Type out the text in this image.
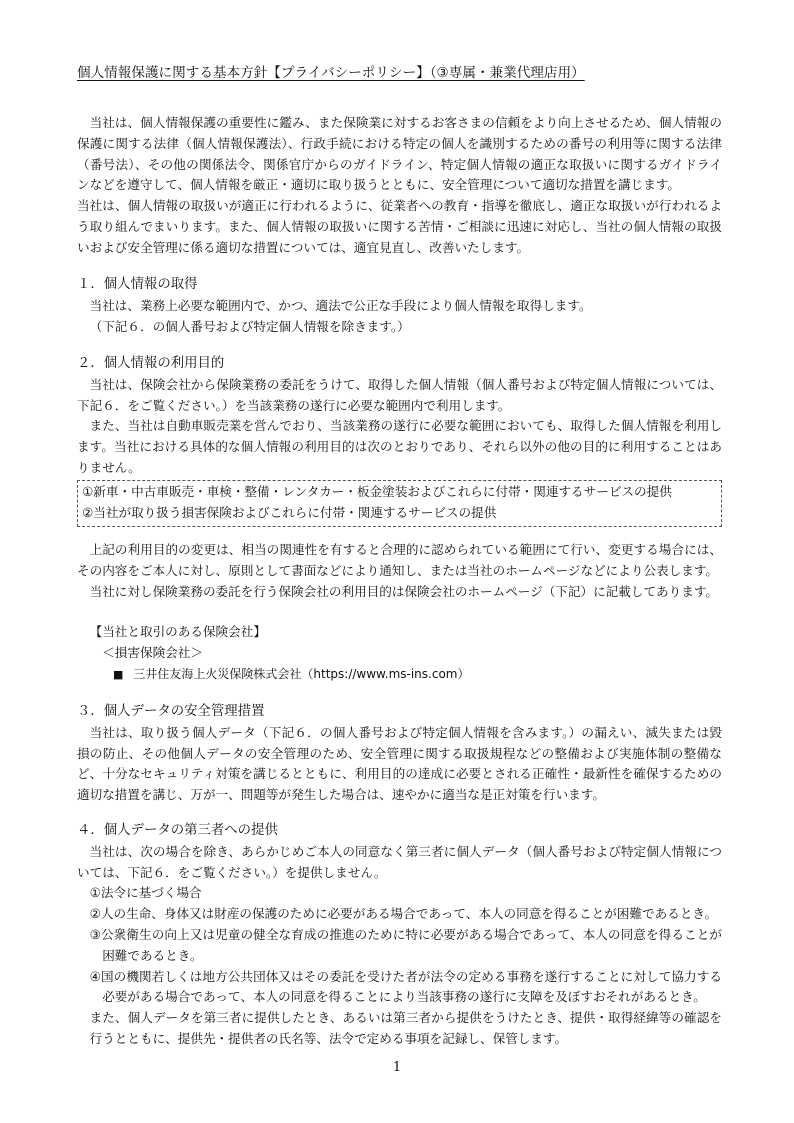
個人情報保護に関する基本方針【プライバシーポリシー】（③専属・兼業代理店用）

当社は、個人情報保護の重要性に鑑み、また保険業に対するお客さまの信頼をより向上させるため、個人情報の保護に関する法律（個人情報保護法）、行政手続における特定の個人を識別するための番号の利用等に関する法律（番号法）、その他の関係法令、関係官庁からのガイドライン、特定個人情報の適正な取扱いに関するガイドラインなどを遵守して、個人情報を厳正・適切に取り扱うとともに、安全管理について適切な措置を講じます。

当社は、個人情報の取扱いが適正に行われるように、従業者への教育・指導を徹底し、適正な取扱いが行われるよう取り組んでまいります。また、個人情報の取扱いに関する苦情・ご相談に迅速に対応し、当社の個人情報の取扱いおよび安全管理に係る適切な措置については、適宜見直し、改善いたします。

１．個人情報の取得

当社は、業務上必要な範囲内で、かつ、適法で公正な手段により個人情報を取得します。

（下記６．の個人番号および特定個人情報を除きます。）

２．個人情報の利用目的

当社は、保険会社から保険業務の委託をうけて、取得した個人情報（個人番号および特定個人情報については、下記６．をご覧ください。）を当該業務の遂行に必要な範囲内で利用します。

また、当社は自動車販売業を営んでおり、当該業務の遂行に必要な範囲においても、取得した個人情報を利用します。当社における具体的な個人情報の利用目的は次のとおりであり、それら以外の他の目的に利用することはありません。

①新車・中古車販売・車検・整備・レンタカー・板金塗装およびこれらに付帯・関連するサービスの提供

②当社が取り扱う損害保険およびこれらに付帯・関連するサービスの提供

上記の利用目的の変更は、相当の関連性を有すると合理的に認められている範囲にて行い、変更する場合には、その内容をご本人に対し、原則として書面などにより通知し、または当社のホームページなどにより公表します。

当社に対し保険業務の委託を行う保険会社の利用目的は保険会社のホームページ（下記）に記載してあります。

【当社と取引のある保険会社】

＜損害保険会社＞

■ 三井住友海上火災保険株式会社（https://www.ms-ins.com）

３．個人データの安全管理措置

当社は、取り扱う個人データ（下記６．の個人番号および特定個人情報を含みます。）の漏えい、滅失または毀損の防止、その他個人データの安全管理のため、安全管理に関する取扱規程などの整備および実施体制の整備など、十分なセキュリティ対策を講じるとともに、利用目的の達成に必要とされる正確性・最新性を確保するための適切な措置を講じ、万が一、問題等が発生した場合は、速やかに適当な是正対策を行います。

４．個人データの第三者への提供

当社は、次の場合を除き、あらかじめご本人の同意なく第三者に個人データ（個人番号および特定個人情報については、下記６．をご覧ください。）を提供しません。

①法令に基づく場合

②人の生命、身体又は財産の保護のために必要がある場合であって、本人の同意を得ることが困難であるとき。

③公衆衛生の向上又は児童の健全な育成の推進のために特に必要がある場合であって、本人の同意を得ることが困難であるとき。

④国の機関若しくは地方公共団体又はその委託を受けた者が法令の定める事務を遂行することに対して協力する必要がある場合であって、本人の同意を得ることにより当該事務の遂行に支障を及ぼすおそれがあるとき。

また、個人データを第三者に提供したとき、あるいは第三者から提供をうけたとき、提供・取得経緯等の確認を行うとともに、提供先・提供者の氏名等、法令で定める事項を記録し、保管します。

1
